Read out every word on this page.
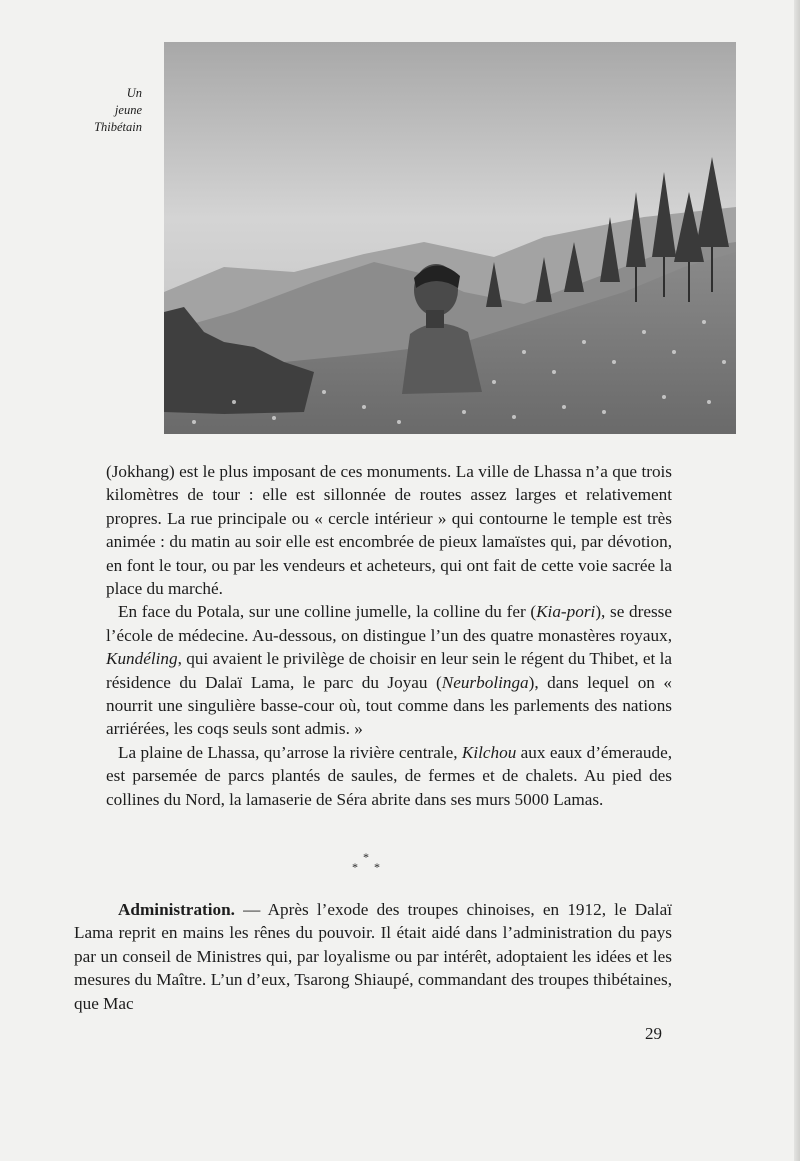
Un
jeune
Thibétain

(Jokhang) est le plus imposant de ces monuments. La ville de Lhassa n’a que trois kilomètres de tour : elle est sillonnée de routes assez larges et relativement propres. La rue principale ou « cercle intérieur » qui contourne le temple est très animée : du matin au soir elle est encombrée de pieux lamaïstes qui, par dévotion, en font le tour, ou par les vendeurs et acheteurs, qui ont fait de cette voie sacrée la place du marché.

En face du Potala, sur une colline jumelle, la colline du fer (Kia-pori), se dresse l’école de médecine. Au-dessous, on distingue l’un des quatre monastères royaux, Kundéling, qui avaient le privilège de choisir en leur sein le régent du Thibet, et la résidence du Dalaï Lama, le parc du Joyau (Neurbolinga), dans lequel on « nourrit une singulière basse-cour où, tout comme dans les parlements des nations arriérées, les coqs seuls sont admis. »

La plaine de Lhassa, qu’arrose la rivière centrale, Kilchou aux eaux d’émeraude, est parsemée de parcs plantés de saules, de fermes et de chalets. Au pied des collines du Nord, la lamaserie de Séra abrite dans ses murs 5000 Lamas.

*
* *

Administration. — Après l’exode des troupes chinoises, en 1912, le Dalaï Lama reprit en mains les rênes du pouvoir. Il était aidé dans l’administration du pays par un conseil de Ministres qui, par loyalisme ou par intérêt, adoptaient les idées et les mesures du Maître. L’un d’eux, Tsarong Shiaupé, commandant des troupes thibétaines, que Mac

29
